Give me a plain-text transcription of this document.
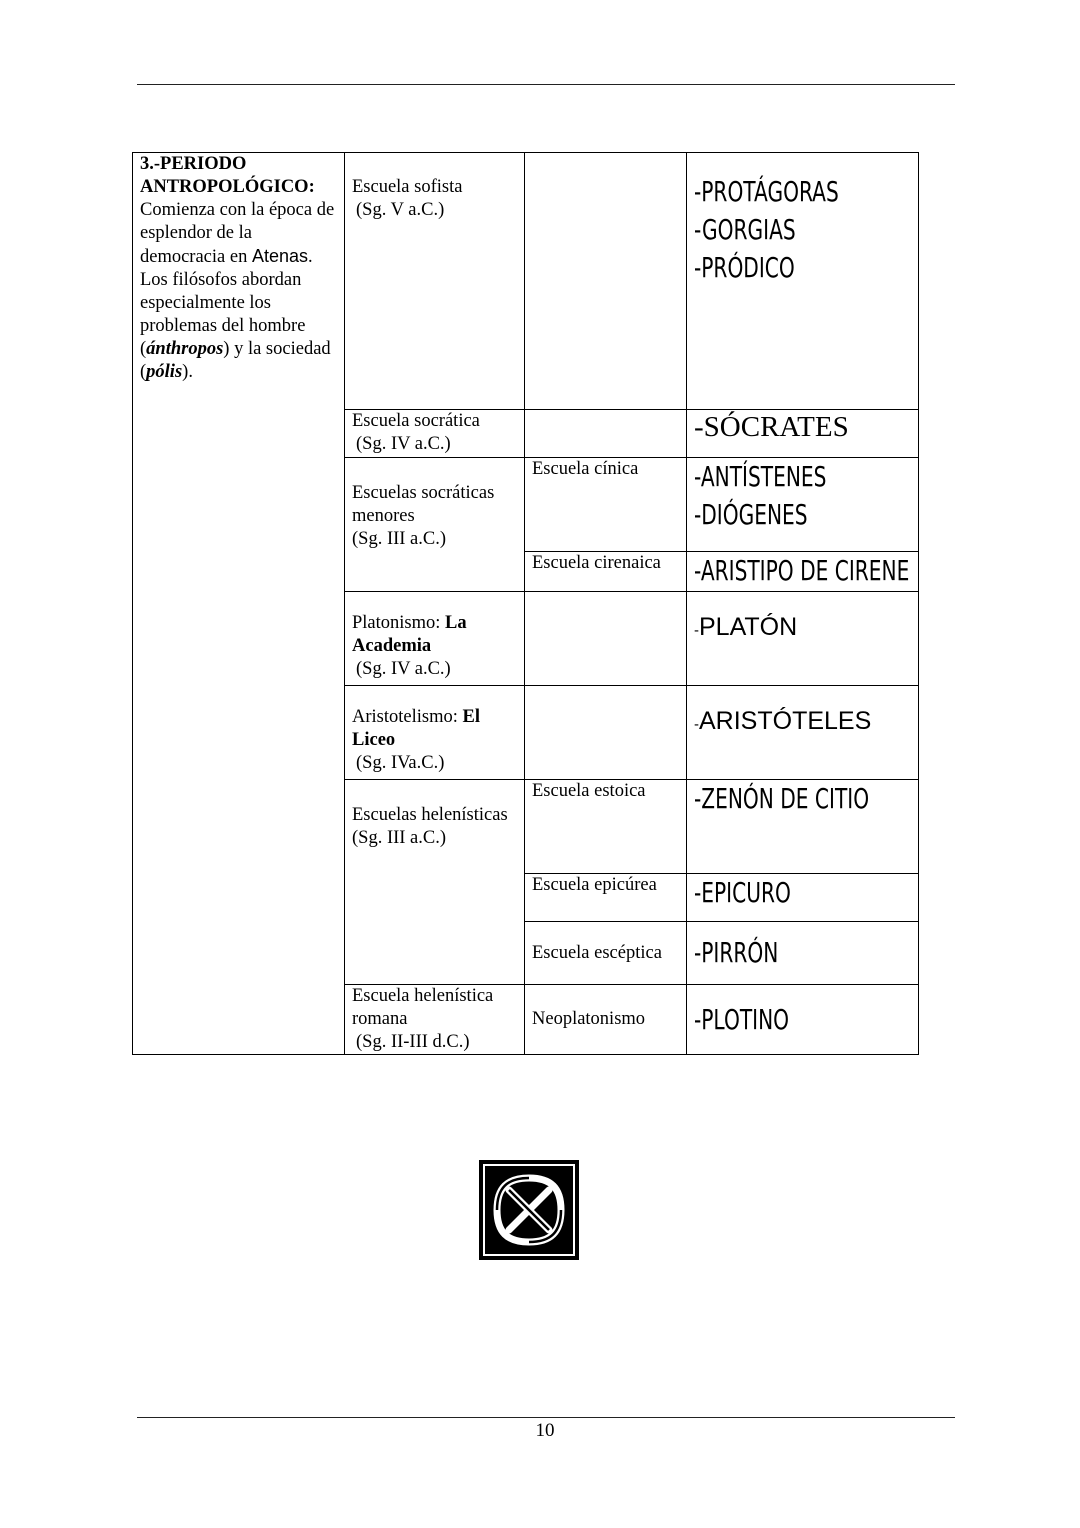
3.-PERIODO ANTROPOLÓGICO:
Comienza con la época de esplendor de la democracia en Atenas. Los filósofos abordan especialmente los problemas del hombre (ánthropos) y la sociedad (pólis).	Escuela sofista
(Sg. V a.C.)		-PROTÁGORAS
-GORGIAS
-PRÓDICO

	Escuela socrática
(Sg. IV a.C.)		-SÓCRATES

	Escuelas socráticas menores
(Sg. III a.C.)	Escuela cínica	-ANTÍSTENES
-DIÓGENES

		Escuela cirenaica	-ARISTIPO DE CIRENE

	Platonismo: La Academia
(Sg. IV a.C.)		-PLATÓN

	Aristotelismo: El Liceo
(Sg. IVa.C.)		-ARISTÓTELES

	Escuelas helenísticas
(Sg. III a.C.)	Escuela estoica	-ZENÓN DE CITIO

		Escuela epicúrea	-EPICURO

		Escuela escéptica	-PIRRÓN

	Escuela helenística romana
(Sg. II-III d.C.)	Neoplatonismo	-PLOTINO
10
